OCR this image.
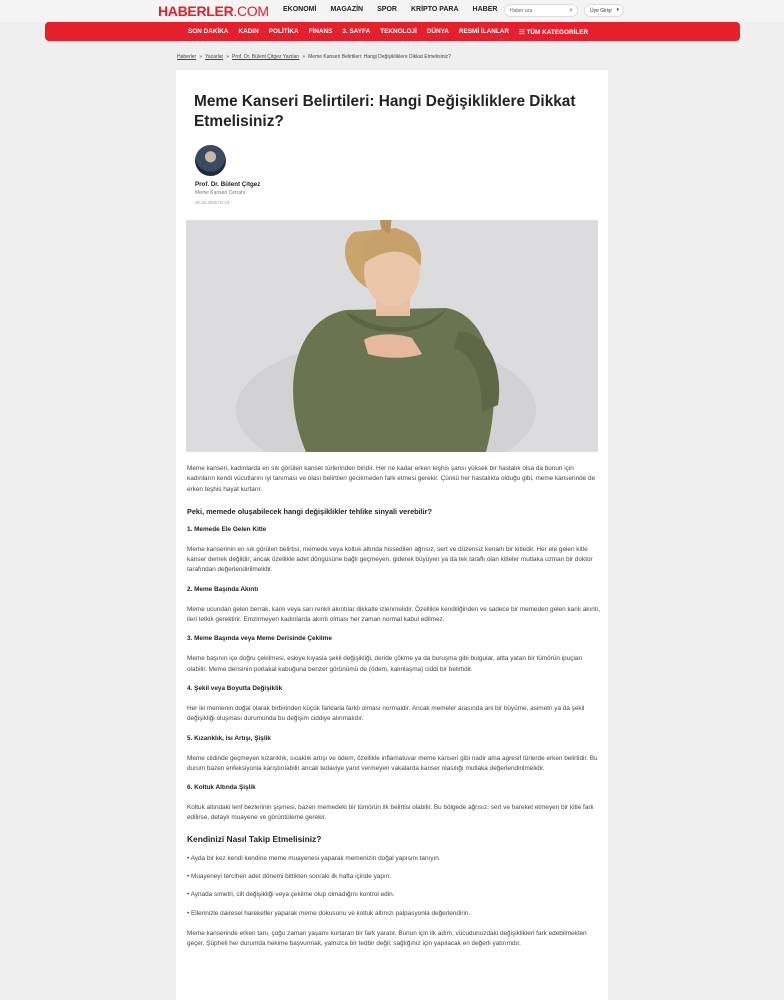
HABERLER.COM EKONOMİ MAGAZİN SPOR KRİPTO PARA HABER	Haber ara	⌕	Üye Girişi ▾
SON DAKİKA KADIN POLİTİKA FİNANS 3. SAYFA TEKNOLOJİ DÜNYA RESMİ İLANLAR ☰ TÜM KATEGORİLER
Haberler » Yazarlar » Prof. Dr. Bülent Çitgez Yazıları » Meme Kanseri Belirtileri: Hangi Değişikliklere Dikkat Etmelisiniz?
Meme Kanseri Belirtileri: Hangi Değişikliklere Dikkat Etmelisiniz?
Prof. Dr. Bülent Çitgez
Meme Kanseri Cerrahı
30.04.2025 04:33

Meme kanseri, kadınlarda en sık görülen kanser türlerinden biridir. Her ne kadar erken teşhis şansı yüksek bir hastalık olsa da bunun için kadınların kendi vücutlarını iyi tanıması ve olası belirtileri gecikmeden fark etmesi gerekir. Çünkü her hastalıkta olduğu gibi, meme kanserinde de erken teşhis hayat kurtarır.

Peki, memede oluşabilecek hangi değişiklikler tehlike sinyali verebilir?

1. Memede Ele Gelen Kitle

Meme kanserinin en sık görülen belirtisi, memede veya koltuk altında hissedilen ağrısız, sert ve düzensiz kenarlı bir kitledir. Her ele gelen kitle kanser demek değildir; ancak özellikle adet döngüsüne bağlı geçmeyen, giderek büyüyen ya da tek taraflı olan kitleler mutlaka uzman bir doktor tarafından değerlendirilmelidir.

2. Meme Başında Akıntı

Meme ucundan gelen berrak, kanlı veya sarı renkli akıntılar dikkatle izlenmelidir. Özellikle kendiliğinden ve sadece bir memeden gelen kanlı akıntı, ileri tetkik gerektirir. Emzirmeyen kadınlarda akıntı olması her zaman normal kabul edilmez.

3. Meme Başında veya Meme Derisinde Çekilme

Meme başının içe doğru çekilmesi, eskiye kıyasla şekil değişikliği, deride çökme ya da buruşma gibi bulgular, altta yatan bir tümörün ipuçları olabilir. Meme derisinin portakal kabuğuna benzer görünümü de (ödem, kalınlaşma) ciddi bir belirtidir.

4. Şekil veya Boyutta Değişiklik

Her iki memenin doğal olarak birbirinden küçük farklarla farklı olması normaldir. Ancak memeler arasında ani bir büyüme, asimetri ya da şekil değişikliği oluşması durumunda bu değişim ciddiye alınmalıdır.

5. Kızarıklık, Isı Artışı, Şişlik

Meme cildinde geçmeyen kızarıklık, sıcaklık artışı ve ödem, özellikle inflamatuvar meme kanseri gibi nadir ama agresif türlerde erken belirtidir. Bu durum bazen enfeksiyonla karıştırılabilir ancak tedaviye yanıt vermeyen vakalarda kanser olasılığı mutlaka değerlendirilmelidir.

6. Koltuk Altında Şişlik

Koltuk altındaki lenf bezlerinin şişmesi, bazen memedeki bir tümörün ilk belirtisi olabilir. Bu bölgede ağrısız, sert ve hareket etmeyen bir kitle fark edilirse, detaylı muayene ve görüntüleme gerekir.

Kendinizi Nasıl Takip Etmelisiniz?

• Ayda bir kez kendi kendine meme muayenesi yaparak memenizin doğal yapısını tanıyın.

• Muayeneyi tercihen adet dönemi bittikten sonraki ilk hafta içinde yapın.

• Aynada simetri, cilt değişikliği veya çekilme olup olmadığını kontrol edin.

• Ellerinizle dairesel hareketler yaparak meme dokusunu ve koltuk altınızı palpasyonla değerlendirin.

Meme kanserinde erken tanı, çoğu zaman yaşamı kurtaran bir fark yaratır. Bunun için ilk adım, vücudunuzdaki değişiklikleri fark edebilmekten geçer. Şüpheli her durumda hekime başvurmak, yalnızca bir tedbir değil; sağlığınız için yapılacak en değerli yatırımdır.
